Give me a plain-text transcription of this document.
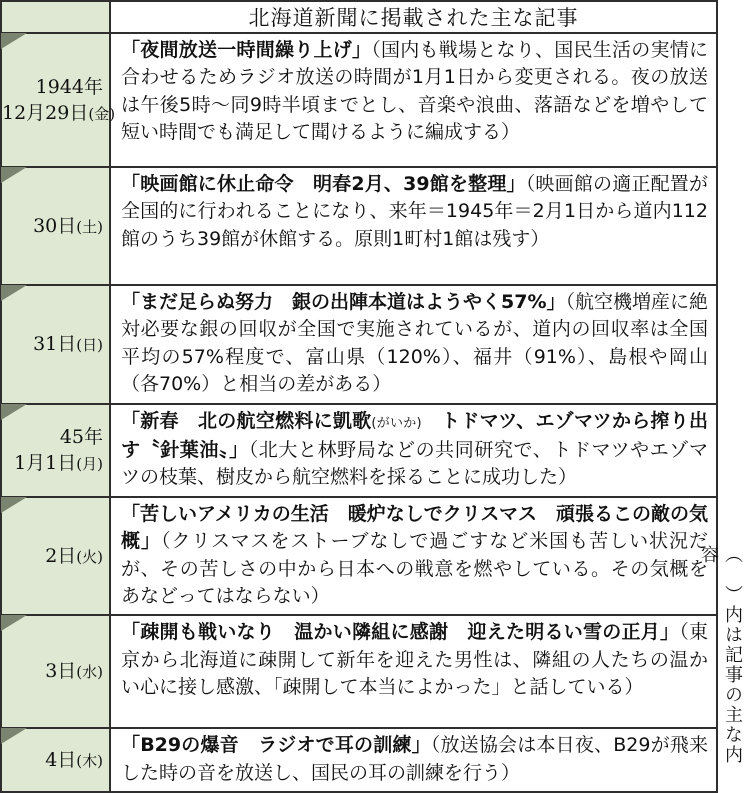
	北海道新聞に掲載された主な記事

1944年
12月29日(金)	「夜間放送一時間繰り上げ」（国内も戦場となり、国民生活の実情に合わせるためラジオ放送の時間が1月1日から変更される。夜の放送は午後5時〜同9時半頃までとし、音楽や浪曲、落語などを増やして短い時間でも満足して聞けるように編成する）

30日(土)	「映画館に休止命令　明春2月、39館を整理」（映画館の適正配置が全国的に行われることになり、来年＝1945年＝2月1日から道内112館のうち39館が休館する。原則1町村1館は残す）

31日(日)	「まだ足らぬ努力　銀の出陣本道はようやく57%」（航空機増産に絶対必要な銀の回収が全国で実施されているが、道内の回収率は全国平均の57%程度で、富山県（120%）、福井（91%）、島根や岡山（各70%）と相当の差がある）

45年
1月1日(月)	「新春　北の航空燃料に凱歌(がいか)　トドマツ、エゾマツから搾り出す〝針葉油〟」（北大と林野局などの共同研究で、トドマツやエゾマツの枝葉、樹皮から航空燃料を採ることに成功した）

2日(火)	「苦しいアメリカの生活　暖炉なしでクリスマス　頑張るこの敵の気概」（クリスマスをストーブなしで過ごすなど米国も苦しい状況だが、その苦しさの中から日本への戦意を燃やしている。その気概をあなどってはならない）

3日(水)	「疎開も戦いなり　温かい隣組に感謝　迎えた明るい雪の正月」（東京から北海道に疎開して新年を迎えた男性は、隣組の人たちの温かい心に接し感激、「疎開して本当によかった」と話している）

4日(木)	「B29の爆音　ラジオで耳の訓練」（放送協会は本日夜、B29が飛来した時の音を放送し、国民の耳の訓練を行う）
（　）内は記事の主な内容
